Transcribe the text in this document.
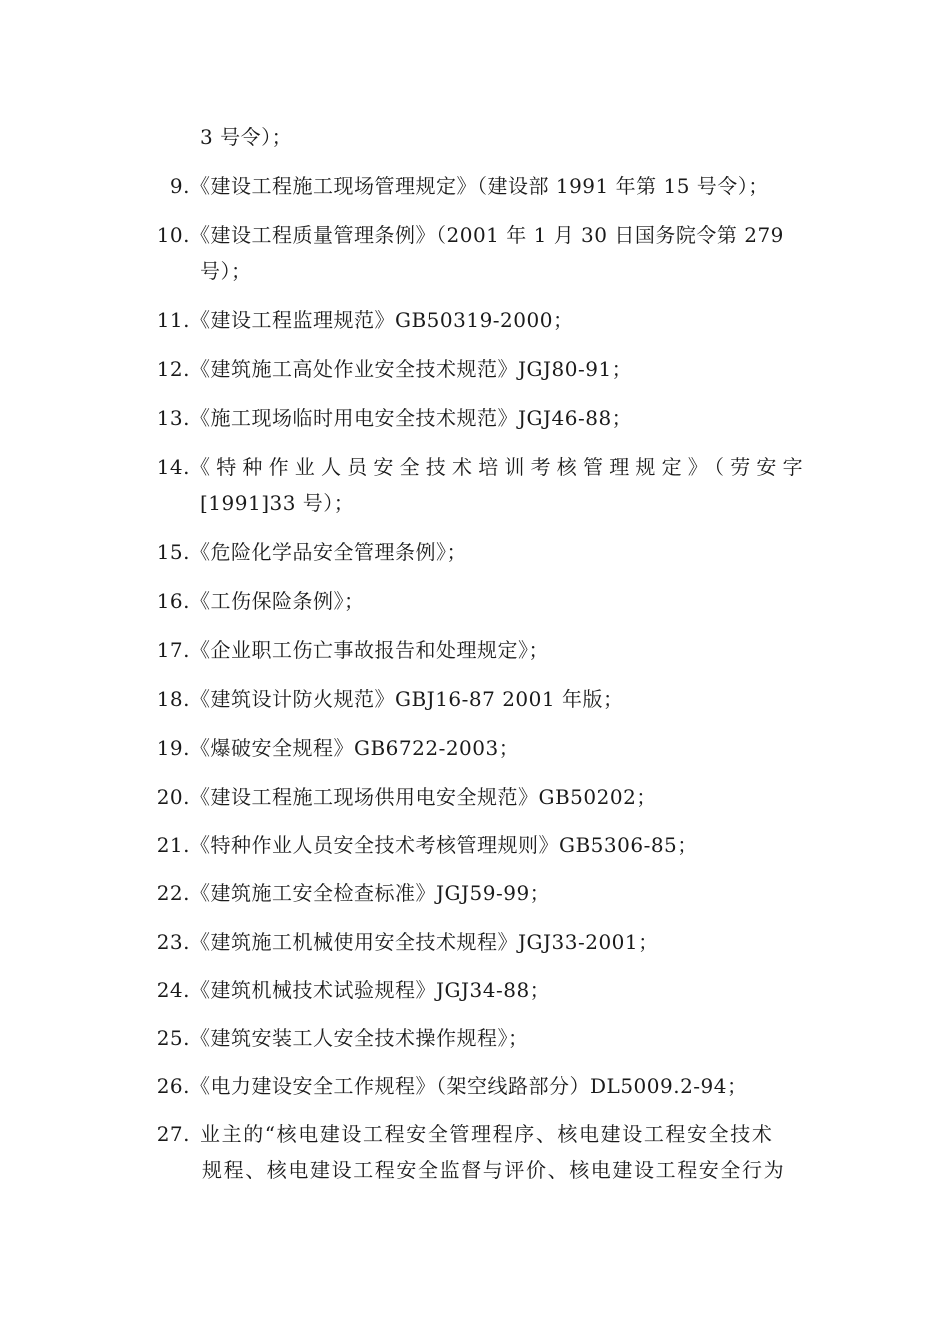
3 号令）；
9.《建设工程施工现场管理规定》（建设部 1991 年第 15 号令）；
10.《建设工程质量管理条例》（2001 年 1 月 30 日国务院令第 279
号）；
11.《建设工程监理规范》GB50319-2000；
12.《建筑施工高处作业安全技术规范》JGJ80-91；
13.《施工现场临时用电安全技术规范》JGJ46-88；
14. 《特种作业人员安全技术培训考核管理规定》（劳安字
[1991]33 号）；
15.《危险化学品安全管理条例》；
16.《工伤保险条例》；
17.《企业职工伤亡事故报告和处理规定》；
18.《建筑设计防火规范》GBJ16-87 2001 年版；
19.《爆破安全规程》GB6722-2003；
20.《建设工程施工现场供用电安全规范》GB50202；
21.《特种作业人员安全技术考核管理规则》GB5306-85；
22.《建筑施工安全检查标准》JGJ59-99；
23.《建筑施工机械使用安全技术规程》JGJ33-2001；
24.《建筑机械技术试验规程》JGJ34-88；
25.《建筑安装工人安全技术操作规程》；
26.《电力建设安全工作规程》（架空线路部分）DL5009.2-94；
27. 业主的“核电建设工程安全管理程序、核电建设工程安全技术
规程、核电建设工程安全监督与评价、核电建设工程安全行为
